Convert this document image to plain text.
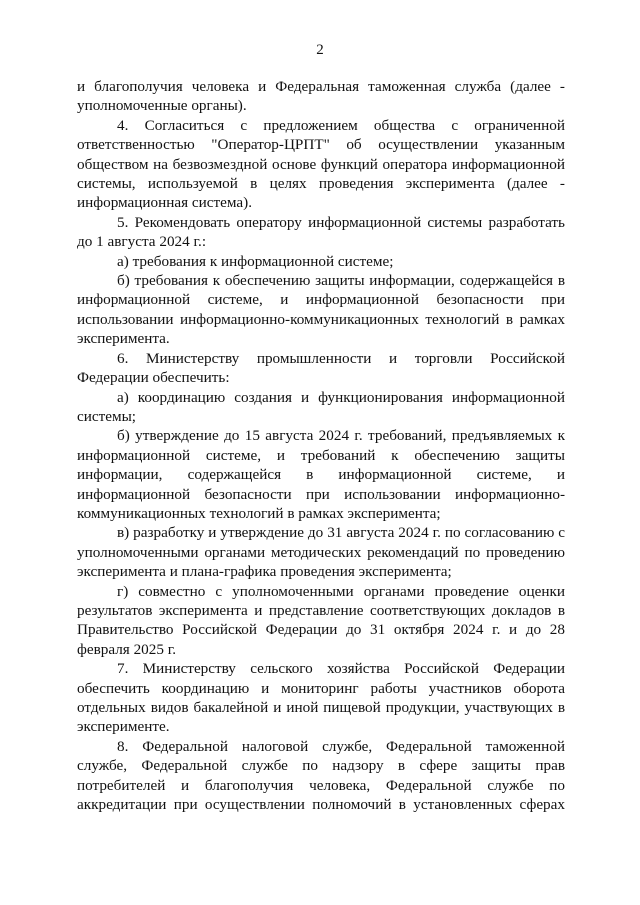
2

и благополучия человека и Федеральная таможенная служба (далее - уполномоченные органы).

4. Согласиться с предложением общества с ограниченной ответственностью "Оператор-ЦРПТ" об осуществлении указанным обществом на безвозмездной основе функций оператора информационной системы, используемой в целях проведения эксперимента (далее - информационная система).

5. Рекомендовать оператору информационной системы разработать до 1 августа 2024 г.:

а) требования к информационной системе;

б) требования к обеспечению защиты информации, содержащейся в информационной системе, и информационной безопасности при использовании информационно-коммуникационных технологий в рамках эксперимента.

6. Министерству промышленности и торговли Российской Федерации обеспечить:

а) координацию создания и функционирования информационной системы;

б) утверждение до 15 августа 2024 г. требований, предъявляемых к информационной системе, и требований к обеспечению защиты информации, содержащейся в информационной системе, и информационной безопасности при использовании информационно-коммуникационных технологий в рамках эксперимента;

в) разработку и утверждение до 31 августа 2024 г. по согласованию с уполномоченными органами методических рекомендаций по проведению эксперимента и плана-графика проведения эксперимента;

г) совместно с уполномоченными органами проведение оценки результатов эксперимента и представление соответствующих докладов в Правительство Российской Федерации до 31 октября 2024 г. и до 28 февраля 2025 г.

7. Министерству сельского хозяйства Российской Федерации обеспечить координацию и мониторинг работы участников оборота отдельных видов бакалейной и иной пищевой продукции, участвующих в эксперименте.

8. Федеральной налоговой службе, Федеральной таможенной службе, Федеральной службе по надзору в сфере защиты прав потребителей и благополучия человека, Федеральной службе по аккредитации при осуществлении полномочий в установленных сферах
